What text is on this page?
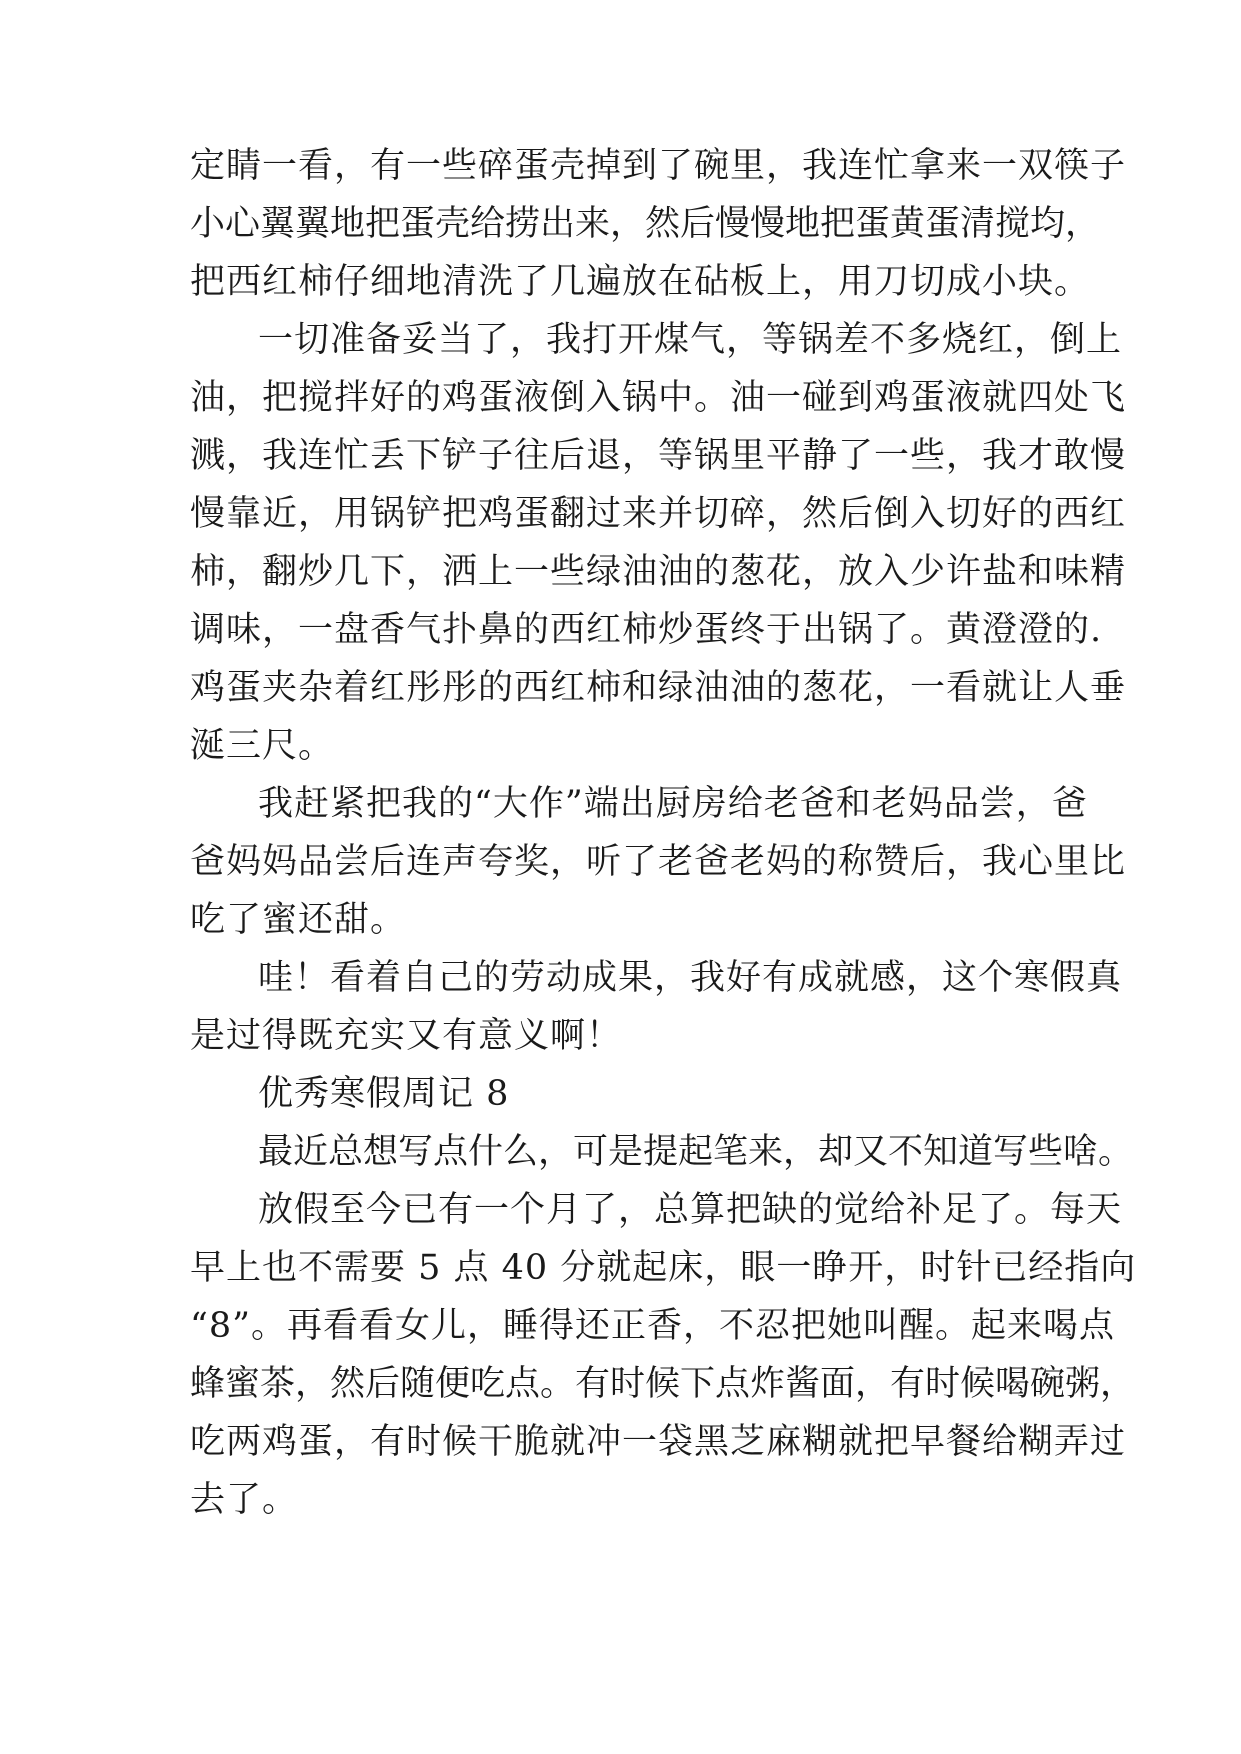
定睛一看，有一些碎蛋壳掉到了碗里，我连忙拿来一双筷子
小心翼翼地把蛋壳给捞出来，然后慢慢地把蛋黄蛋清搅均，
把西红柿仔细地清洗了几遍放在砧板上，用刀切成小块。
一切准备妥当了，我打开煤气，等锅差不多烧红，倒上
油，把搅拌好的鸡蛋液倒入锅中。油一碰到鸡蛋液就四处飞
溅，我连忙丢下铲子往后退，等锅里平静了一些，我才敢慢
慢靠近，用锅铲把鸡蛋翻过来并切碎，然后倒入切好的西红
柿，翻炒几下，洒上一些绿油油的葱花，放入少许盐和味精
调味，一盘香气扑鼻的西红柿炒蛋终于出锅了。黄澄澄的.
鸡蛋夹杂着红彤彤的西红柿和绿油油的葱花，一看就让人垂
涎三尺。
我赶紧把我的“大作”端出厨房给老爸和老妈品尝，爸
爸妈妈品尝后连声夸奖，听了老爸老妈的称赞后，我心里比
吃了蜜还甜。
哇！看着自己的劳动成果，我好有成就感，这个寒假真
是过得既充实又有意义啊！
优秀寒假周记 8
最近总想写点什么，可是提起笔来，却又不知道写些啥。
放假至今已有一个月了，总算把缺的觉给补足了。每天
早上也不需要 5 点 40 分就起床，眼一睁开，时针已经指向
“8”。再看看女儿，睡得还正香，不忍把她叫醒。起来喝点
蜂蜜茶，然后随便吃点。有时候下点炸酱面，有时候喝碗粥，
吃两鸡蛋，有时候干脆就冲一袋黑芝麻糊就把早餐给糊弄过
去了。
